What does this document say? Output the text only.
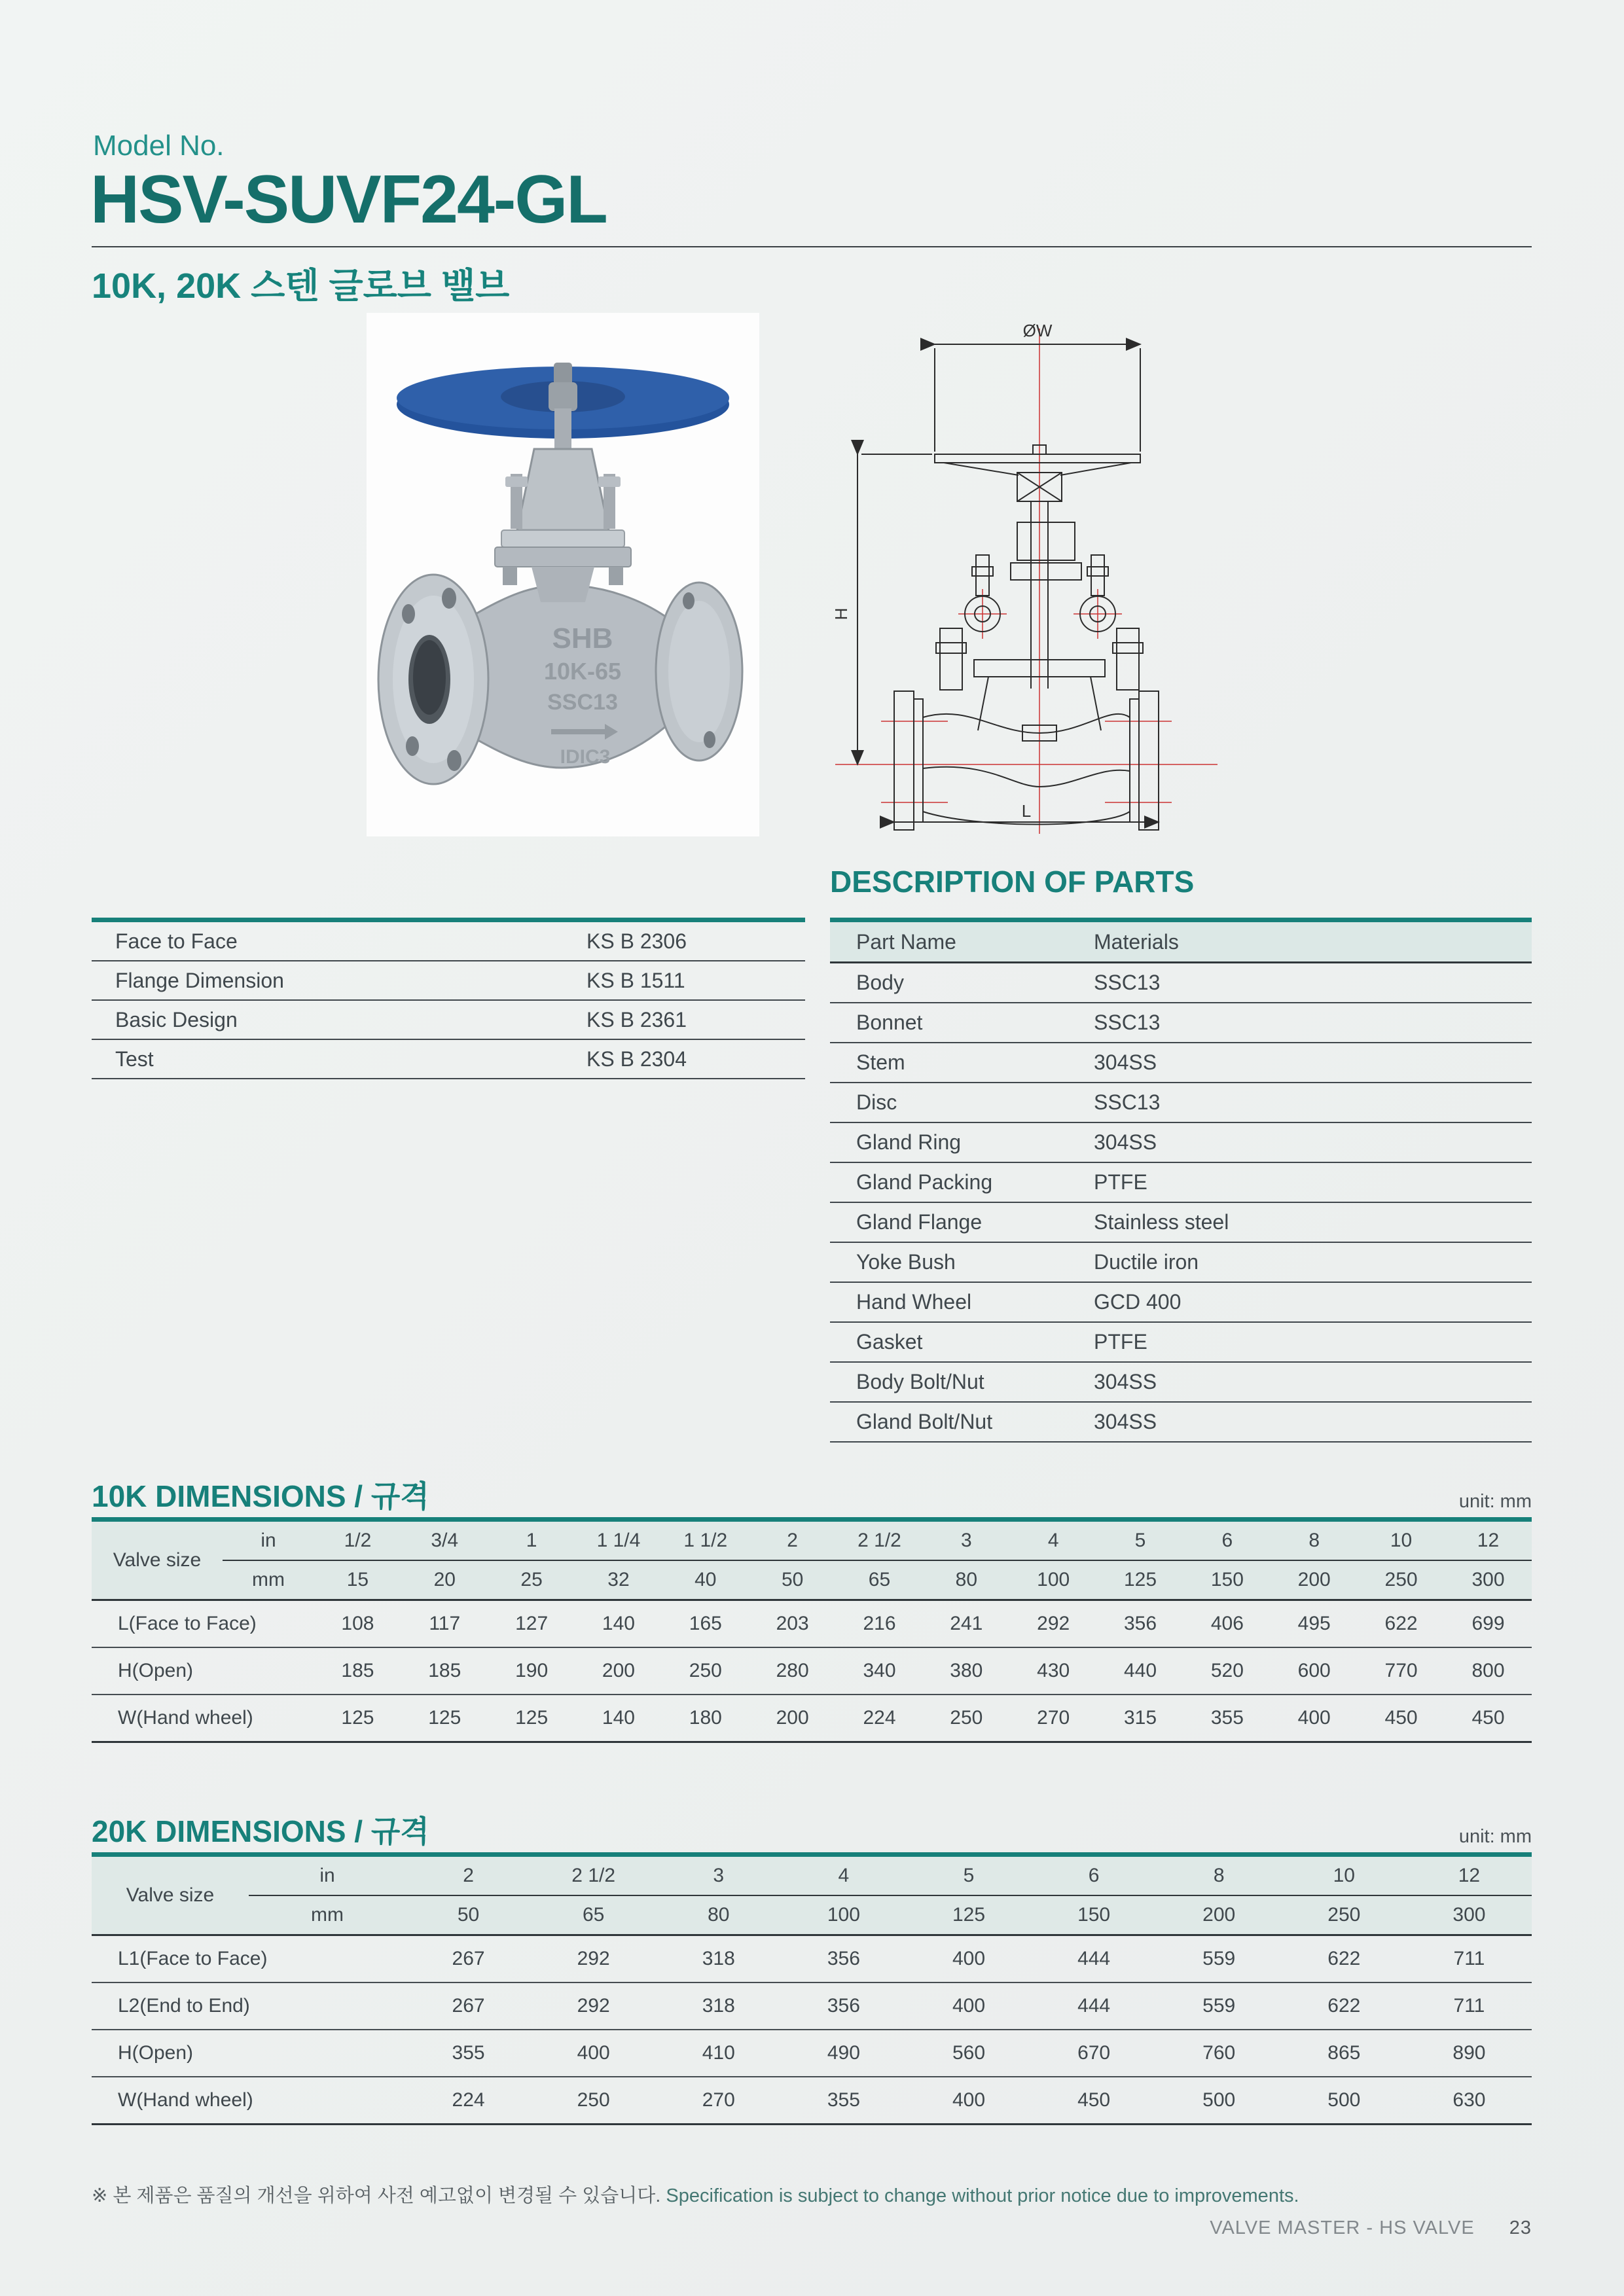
Model No.
HSV-SUVF24-GL
10K, 20K 스텐 글로브 밸브
SHB
10K-65
SSC13
IDIC3
ØW
H
L
Face to Face	KS B 2306
Flange Dimension	KS B 1511
Basic Design	KS B 2361
Test	KS B 2304
DESCRIPTION OF PARTS
Part Name	Materials
Body	SSC13
Bonnet	SSC13
Stem	304SS
Disc	SSC13
Gland Ring	304SS
Gland Packing	PTFE
Gland Flange	Stainless steel
Yoke Bush	Ductile iron
Hand Wheel	GCD 400
Gasket	PTFE
Body Bolt/Nut	304SS
Gland Bolt/Nut	304SS
10K DIMENSIONS / 규격	unit: mm
Valve size	in	1/2	3/4	1	1 1/4	1 1/2	2	2 1/2	3	4	5	6	8	10	12
	mm	15	20	25	32	40	50	65	80	100	125	150	200	250	300
L(Face to Face)		108	117	127	140	165	203	216	241	292	356	406	495	622	699
H(Open)		185	185	190	200	250	280	340	380	430	440	520	600	770	800
W(Hand wheel)		125	125	125	140	180	200	224	250	270	315	355	400	450	450
20K DIMENSIONS / 규격	unit: mm
Valve size	in	2	2 1/2	3	4	5	6	8	10	12
	mm	50	65	80	100	125	150	200	250	300
L1(Face to Face)		267	292	318	356	400	444	559	622	711
L2(End to End)		267	292	318	356	400	444	559	622	711
H(Open)		355	400	410	490	560	670	760	865	890
W(Hand wheel)		224	250	270	355	400	450	500	500	630
※ 본 제품은 품질의 개선을 위하여 사전 예고없이 변경될 수 있습니다. Specification is subject to change without prior notice due to improvements.
VALVE MASTER - HS VALVE 23
